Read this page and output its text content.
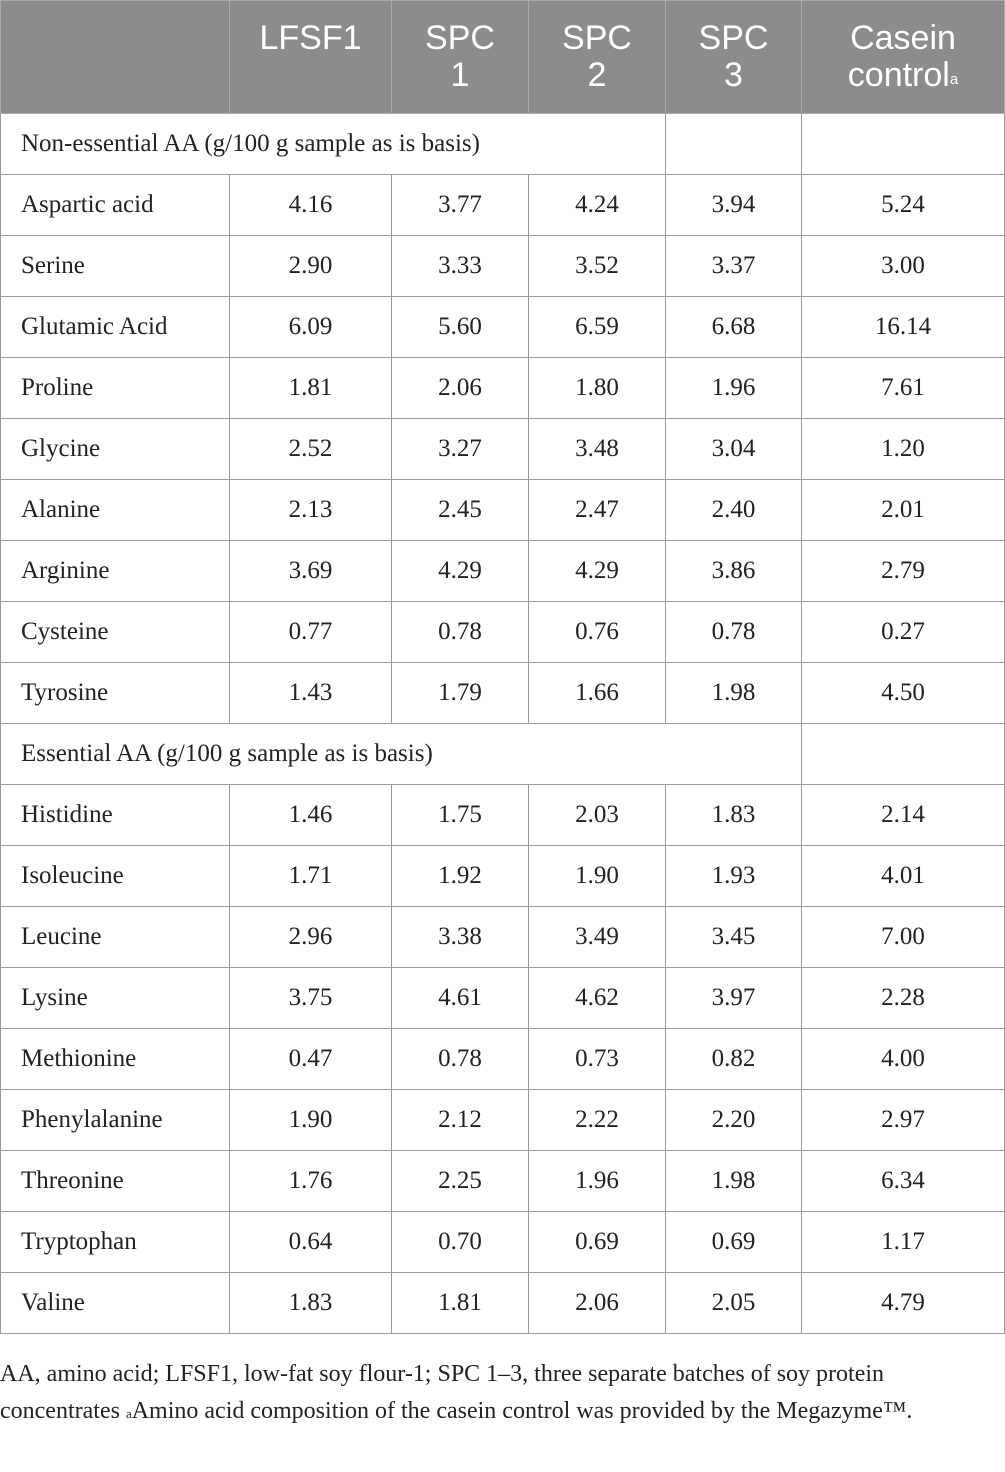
	LFSF1	SPC 1	SPC 2	SPC 3	Casein control$^a$
Non-essential AA (g/100 g sample as is basis)					
Aspartic acid	4.16	3.77	4.24	3.94	5.24
Serine	2.90	3.33	3.52	3.37	3.00
Glutamic Acid	6.09	5.60	6.59	6.68	16.14
Proline	1.81	2.06	1.80	1.96	7.61
Glycine	2.52	3.27	3.48	3.04	1.20
Alanine	2.13	2.45	2.47	2.40	2.01
Arginine	3.69	4.29	4.29	3.86	2.79
Cysteine	0.77	0.78	0.76	0.78	0.27
Tyrosine	1.43	1.79	1.66	1.98	4.50
Essential AA (g/100 g sample as is basis)					
Histidine	1.46	1.75	2.03	1.83	2.14
Isoleucine	1.71	1.92	1.90	1.93	4.01
Leucine	2.96	3.38	3.49	3.45	7.00
Lysine	3.75	4.61	4.62	3.97	2.28
Methionine	0.47	0.78	0.73	0.82	4.00
Phenylalanine	1.90	2.12	2.22	2.20	2.97
Threonine	1.76	2.25	1.96	1.98	6.34
Tryptophan	0.64	0.70	0.69	0.69	1.17
Valine	1.83	1.81	2.06	2.05	4.79
AA, amino acid; LFSF1, low-fat soy flour-1; SPC 1–3, three separate batches of soy protein concentrates $^a$Amino acid composition of the casein control was provided by the Megazyme™.
